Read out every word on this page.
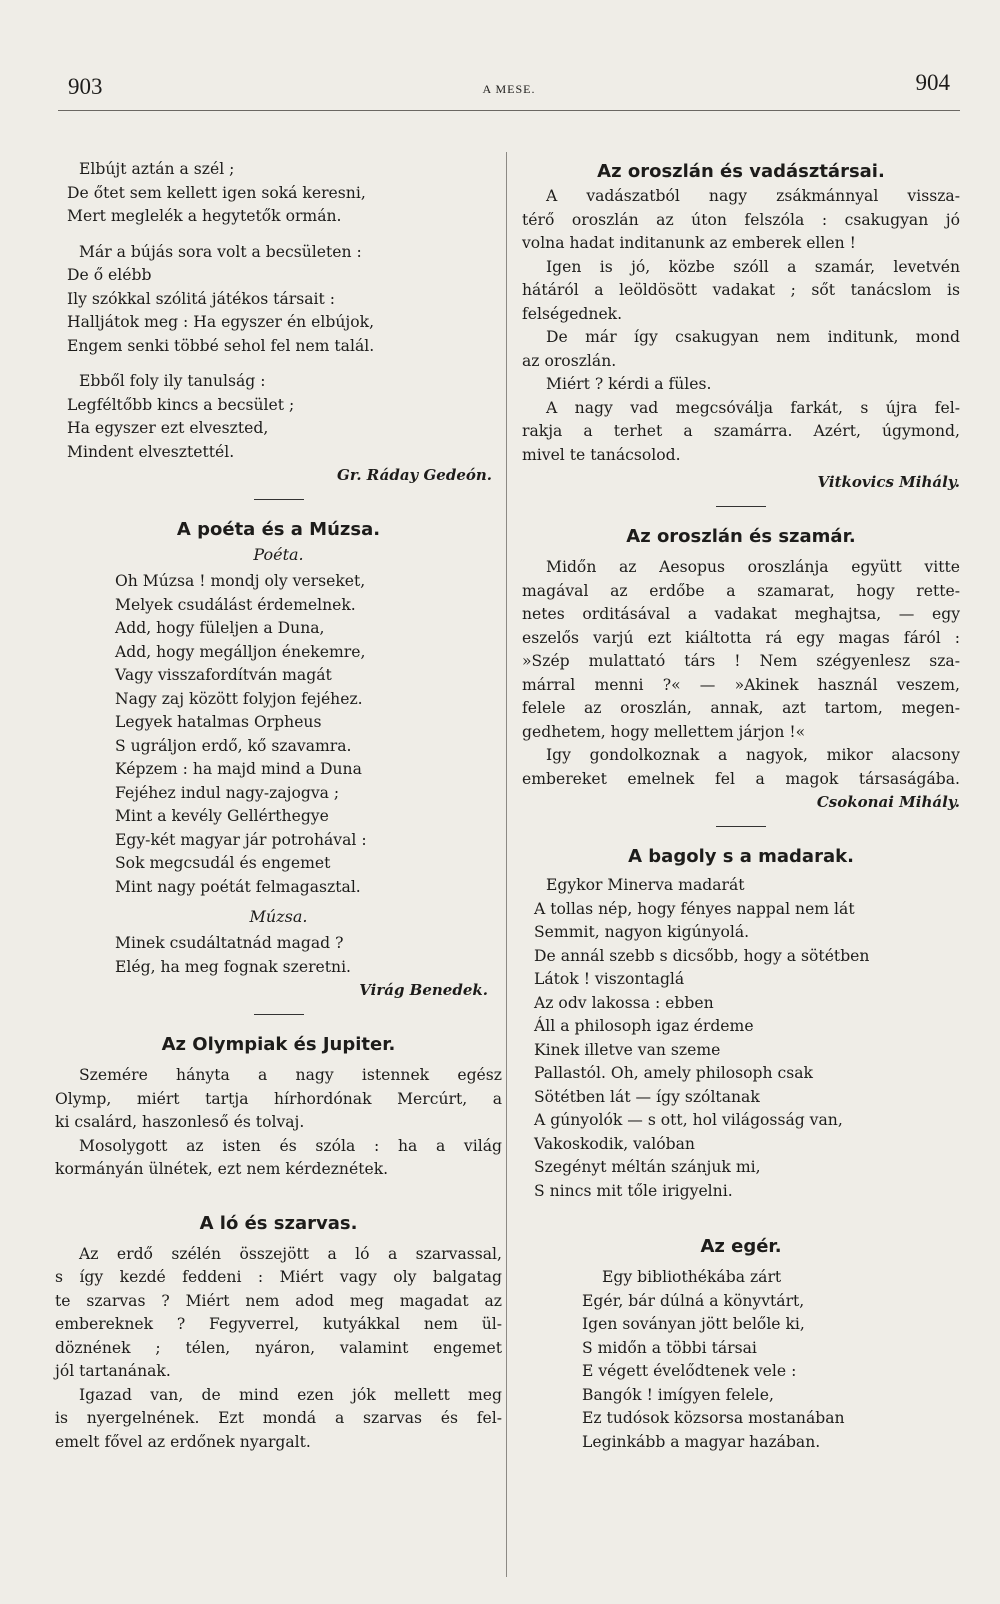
903	A MESE.	904
Elbújt aztán a szél ;
De őtet sem kellett igen soká keresni,
Mert meglelék a hegytetők ormán.
Már a bújás sora volt a becsületen :
De ő elébb
Ily szókkal szólitá játékos társait :
Halljátok meg : Ha egyszer én elbújok,
Engem senki többé sehol fel nem talál.
Ebből foly ily tanulság :
Legféltőbb kincs a becsület ;
Ha egyszer ezt elveszted,
Mindent elvesztettél.
Gr. Ráday Gedeón.
A poéta és a Múzsa.
Poéta.
Oh Múzsa ! mondj oly verseket,
Melyek csudálást érdemelnek.
Add, hogy füleljen a Duna,
Add, hogy megálljon énekemre,
Vagy visszafordítván magát
Nagy zaj között folyjon fejéhez.
Legyek hatalmas Orpheus
S ugráljon erdő, kő szavamra.
Képzem : ha majd mind a Duna
Fejéhez indul nagy-zajogva ;
Mint a kevély Gellérthegye
Egy-két magyar jár potrohával :
Sok megcsudál és engemet
Mint nagy poétát felmagasztal.
Múzsa.
Minek csudáltatnád magad ?
Elég, ha meg fognak szeretni.
Virág Benedek.
Az Olympiak és Jupiter.
Szemére hányta a nagy istennek egész
Olymp, miért tartja hírhordónak Mercúrt, a
ki csalárd, haszonleső és tolvaj.
Mosolygott az isten és szóla : ha a világ
kormányán ülnétek, ezt nem kérdeznétek.
A ló és szarvas.
Az erdő szélén összejött a ló a szarvassal,
s így kezdé feddeni : Miért vagy oly balgatag
te szarvas ? Miért nem adod meg magadat az
embereknek ? Fegyverrel, kutyákkal nem ül-
döznének ; télen, nyáron, valamint engemet
jól tartanának.
Igazad van, de mind ezen jók mellett meg
is nyergelnének. Ezt mondá a szarvas és fel-
emelt fővel az erdőnek nyargalt.
Az oroszlán és vadásztársai.
A vadászatból nagy zsákmánnyal vissza-
térő oroszlán az úton felszóla : csakugyan jó
volna hadat inditanunk az emberek ellen !
Igen is jó, közbe szóll a szamár, levetvén
hátáról a leöldösött vadakat ; sőt tanácslom is
felségednek.
De már így csakugyan nem inditunk, mond
az oroszlán.
Miért ? kérdi a füles.
A nagy vad megcsóválja farkát, s újra fel-
rakja a terhet a szamárra. Azért, úgymond,
mivel te tanácsolod.
Vitkovics Mihály.
Az oroszlán és szamár.
Midőn az Aesopus oroszlánja együtt vitte
magával az erdőbe a szamarat, hogy rette-
netes orditásával a vadakat meghajtsa, — egy
eszelős varjú ezt kiáltotta rá egy magas fáról :
»Szép mulattató társ ! Nem szégyenlesz sza-
márral menni ?« — »Akinek használ veszem,
felele az oroszlán, annak, azt tartom, megen-
gedhetem, hogy mellettem járjon !«
Igy gondolkoznak a nagyok, mikor alacsony
embereket emelnek fel a magok társaságába.
Csokonai Mihály.
A bagoly s a madarak.
Egykor Minerva madarát
A tollas nép, hogy fényes nappal nem lát
Semmit, nagyon kigúnyolá.
De annál szebb s dicsőbb, hogy a sötétben
Látok ! viszontaglá
Az odv lakossa : ebben
Áll a philosoph igaz érdeme
Kinek illetve van szeme
Pallastól. Oh, amely philosoph csak
Sötétben lát — így szóltanak
A gúnyolók — s ott, hol világosság van,
Vakoskodik, valóban
Szegényt méltán szánjuk mi,
S nincs mit tőle irigyelni.
Az egér.
Egy bibliothékába zárt
Egér, bár dúlná a könyvtárt,
Igen soványan jött belőle ki,
S midőn a többi társai
E végett évelődtenek vele :
Bangók ! imígyen felele,
Ez tudósok közsorsa mostanában
Leginkább a magyar hazában.
